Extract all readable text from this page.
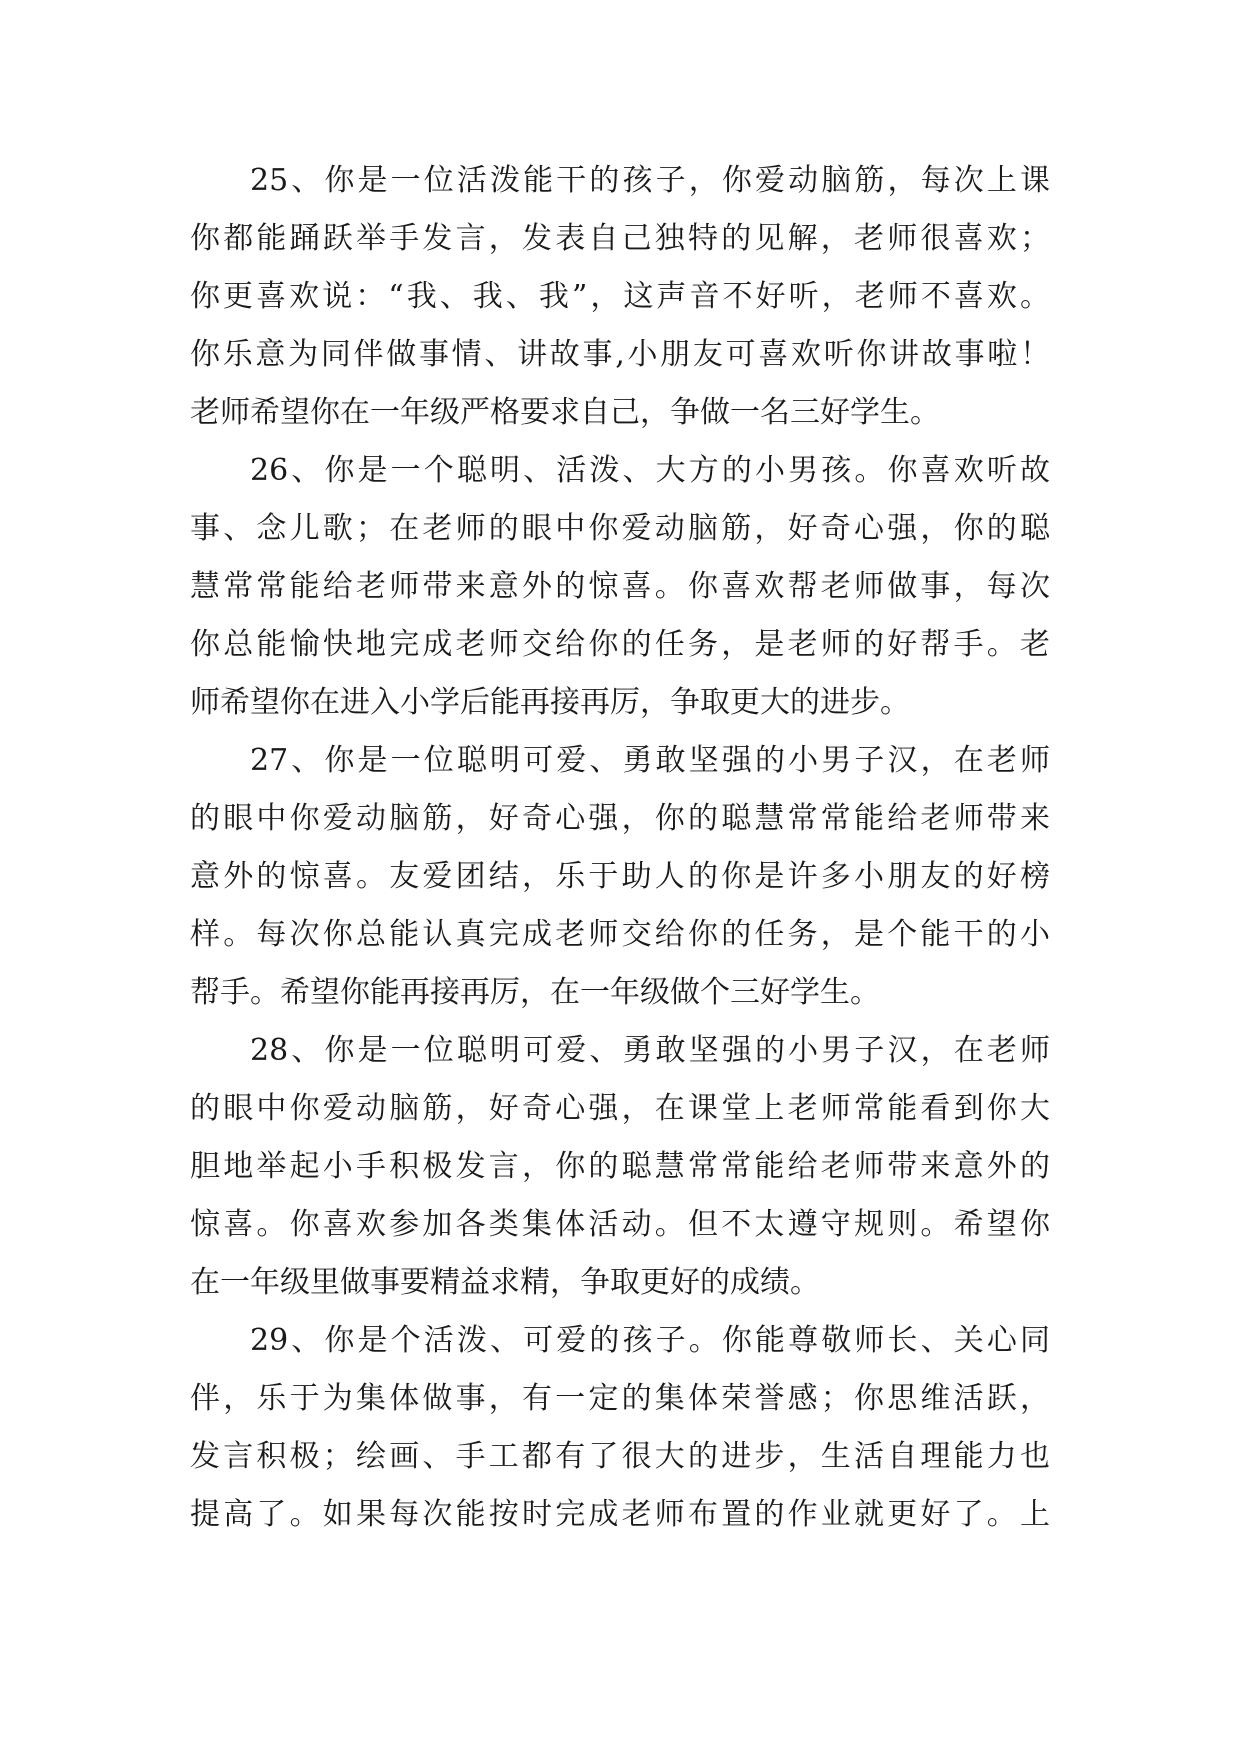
25、你是一位活泼能干的孩子，你爱动脑筋，每次上课
你都能踊跃举手发言，发表自己独特的见解，老师很喜欢；
你更喜欢说：“我、我、我”，这声音不好听，老师不喜欢。
你乐意为同伴做事情、讲故事,小朋友可喜欢听你讲故事啦！
老师希望你在一年级严格要求自己，争做一名三好学生。
26、你是一个聪明、活泼、大方的小男孩。你喜欢听故
事、念儿歌；在老师的眼中你爱动脑筋，好奇心强，你的聪
慧常常能给老师带来意外的惊喜。你喜欢帮老师做事，每次
你总能愉快地完成老师交给你的任务，是老师的好帮手。老
师希望你在进入小学后能再接再厉，争取更大的进步。
27、你是一位聪明可爱、勇敢坚强的小男子汉，在老师
的眼中你爱动脑筋，好奇心强，你的聪慧常常能给老师带来
意外的惊喜。友爱团结，乐于助人的你是许多小朋友的好榜
样。每次你总能认真完成老师交给你的任务，是个能干的小
帮手。希望你能再接再厉，在一年级做个三好学生。
28、你是一位聪明可爱、勇敢坚强的小男子汉，在老师
的眼中你爱动脑筋，好奇心强，在课堂上老师常能看到你大
胆地举起小手积极发言，你的聪慧常常能给老师带来意外的
惊喜。你喜欢参加各类集体活动。但不太遵守规则。希望你
在一年级里做事要精益求精，争取更好的成绩。
29、你是个活泼、可爱的孩子。你能尊敬师长、关心同
伴，乐于为集体做事，有一定的集体荣誉感；你思维活跃，
发言积极；绘画、手工都有了很大的进步，生活自理能力也
提高了。如果每次能按时完成老师布置的作业就更好了。上
